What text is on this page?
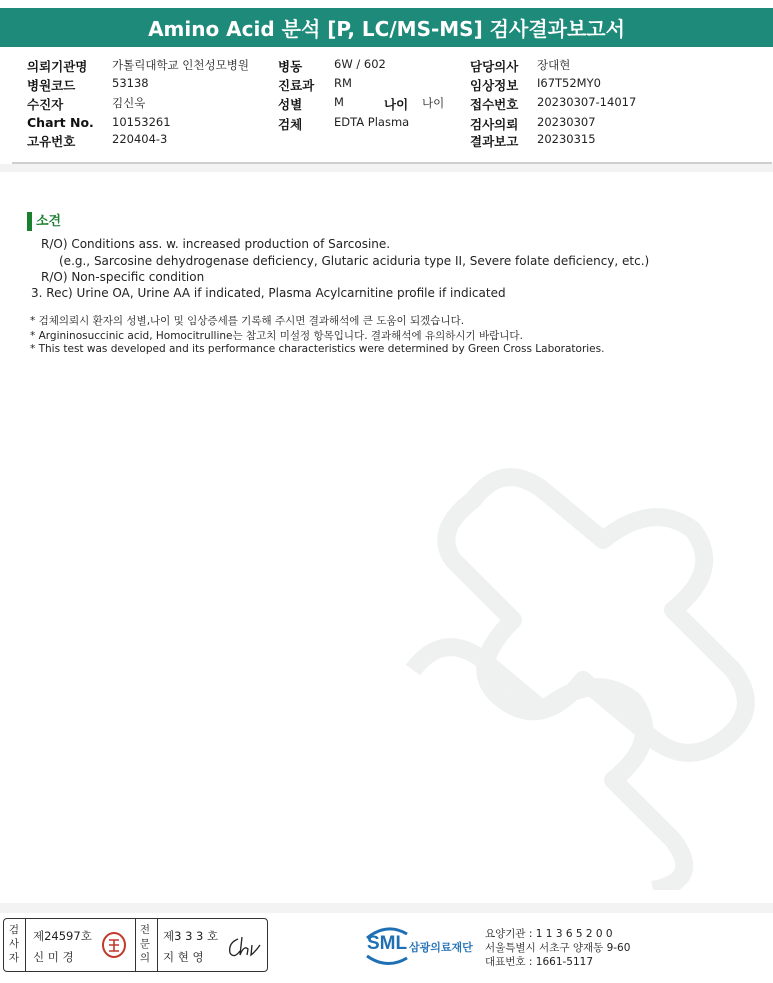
Amino Acid 분석 [P, LC/MS-MS] 검사결과보고서
의뢰기관명 가톨릭대학교 인천성모병원 병동	6W / 602	담당의사 장대현
병원코드	53138	진료과 RM	임상정보 I67T52MY0
수진자	김신욱	성별	M	나이 나이 접수번호 20230307-14017
Chart No. 10153261	검체	EDTA Plasma	검사의뢰 20230307
고유번호	220404-3	결과보고 20230315
소견
R/O) Conditions ass. w. increased production of Sarcosine.
(e.g., Sarcosine dehydrogenase deficiency, Glutaric aciduria type II, Severe folate deficiency, etc.)
R/O) Non-specific condition
3. Rec) Urine OA, Urine AA if indicated, Plasma Acylcarnitine profile if indicated
* 검체의뢰시 환자의 성별,나이 및 임상증세를 기록해 주시면 결과해석에 큰 도움이 되겠습니다.
* Argininosuccinic acid, Homocitrulline는 참고치 미설정 항목입니다. 결과해석에 유의하시기 바랍니다.
* This test was developed and its performance characteristics were determined by Green Cross Laboratories.
검
사
자
제24597호
신 미 경
전
문
의
제3 3 3 호
지 현 영
SML 삼광의료재단
요양기관 : 1 1 3 6 5 2 0 0
서울특별시 서초구 양재동 9-60
대표번호 : 1661-5117
